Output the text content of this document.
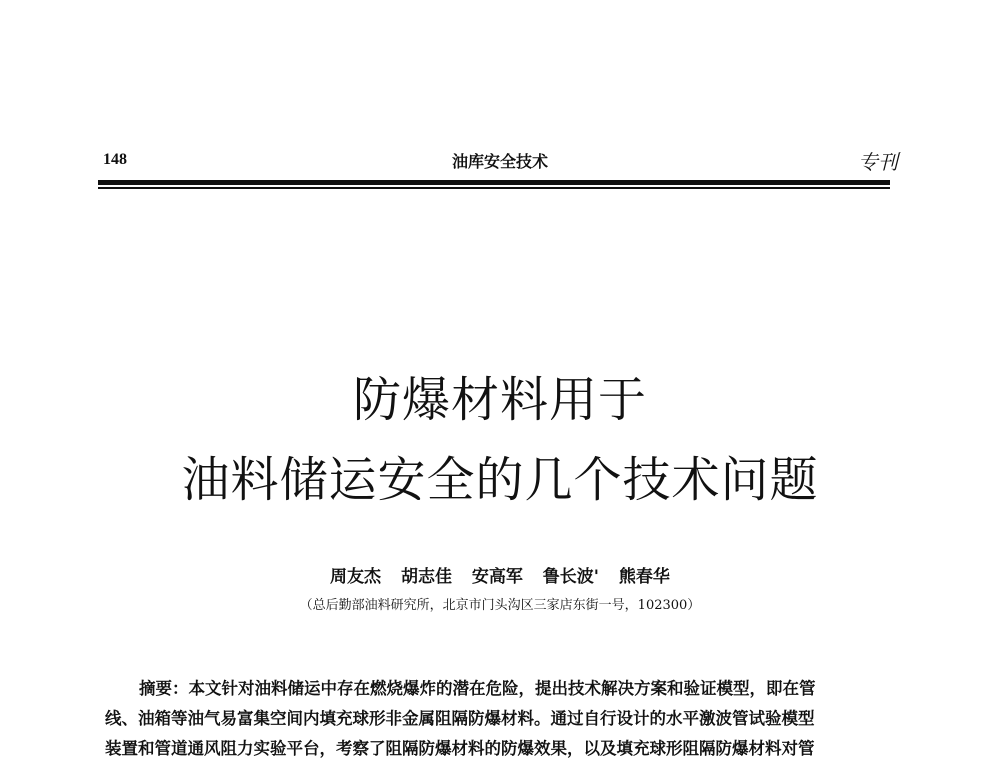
148	油库安全技术	专刊
防爆材料用于
油料储运安全的几个技术问题
周友杰 胡志佳 安高军 鲁长波' 熊春华
（总后勤部油料研究所，北京市门头沟区三家店东街一号，102300）
摘要：本文针对油料储运中存在燃烧爆炸的潜在危险，提出技术解决方案和验证模型，即在管
线、油箱等油气易富集空间内填充球形非金属阻隔防爆材料。通过自行设计的水平激波管试验模型
装置和管道通风阻力实验平台，考察了阻隔防爆材料的防爆效果，以及填充球形阻隔防爆材料对管
